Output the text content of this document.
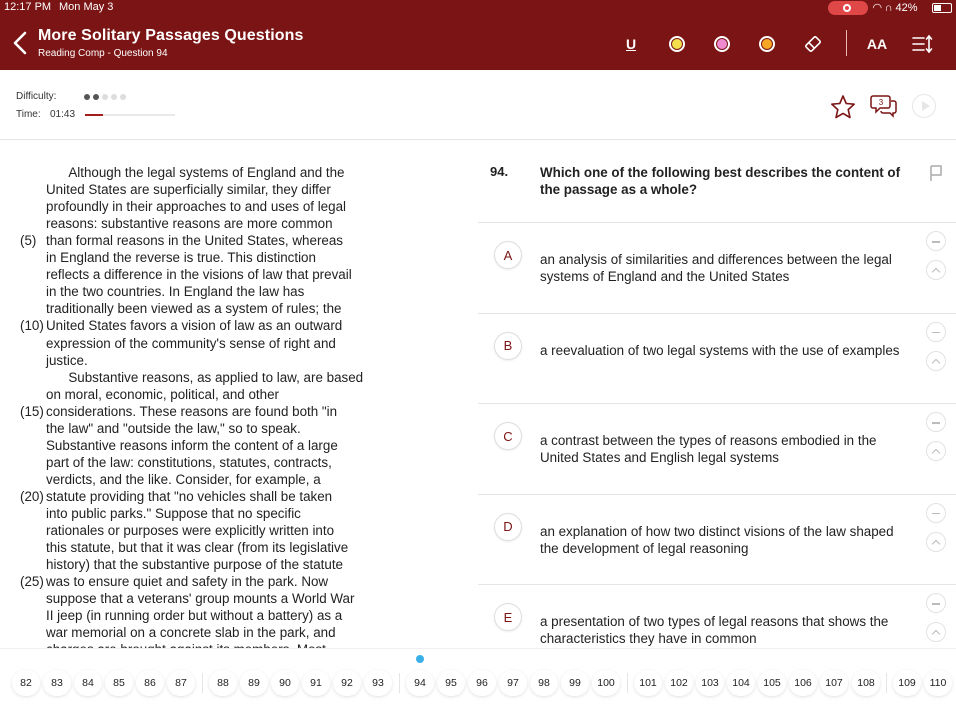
12:17 PM Mon May 3	◜◝ ∩ 42%
More Solitary Passages Questions
Reading Comp - Question 94
U	AA
Difficulty:
Time: 01:43
3
Although the legal systems of England and the
United States are superficially similar, they differ
profoundly in their approaches to and uses of legal
reasons: substantive reasons are more common
than formal reasons in the United States, whereas
(5)
in England the reverse is true. This distinction
reflects a difference in the visions of law that prevail
in the two countries. In England the law has
traditionally been viewed as a system of rules; the
United States favors a vision of law as an outward
(10)
expression of the community's sense of right and
justice.
Substantive reasons, as applied to law, are based
on moral, economic, political, and other
considerations. These reasons are found both "in
(15)
the law" and "outside the law," so to speak.
Substantive reasons inform the content of a large
part of the law: constitutions, statutes, contracts,
verdicts, and the like. Consider, for example, a
statute providing that "no vehicles shall be taken
(20)
into public parks." Suppose that no specific
rationales or purposes were explicitly written into
this statute, but that it was clear (from its legislative
history) that the substantive purpose of the statute
was to ensure quiet and safety in the park. Now
(25)
suppose that a veterans' group mounts a World War
II jeep (in running order but without a battery) as a
war memorial on a concrete slab in the park, and
94. Which one of the following best describes the content of the passage as a whole?
A	an analysis of similarities and differences between the legal systems of England and the United States
B	a reevaluation of two legal systems with the use of examples
C	a contrast between the types of reasons embodied in the United States and English legal systems
D	an explanation of how two distinct visions of the law shaped the development of legal reasoning
E	a presentation of two types of legal reasons that shows the characteristics they have in common
82	83	84	85	86	87	88	89	90	91	92	93	94	95	96	97	98	99	100	101	102	103	104	105	106	107	108	109	110
